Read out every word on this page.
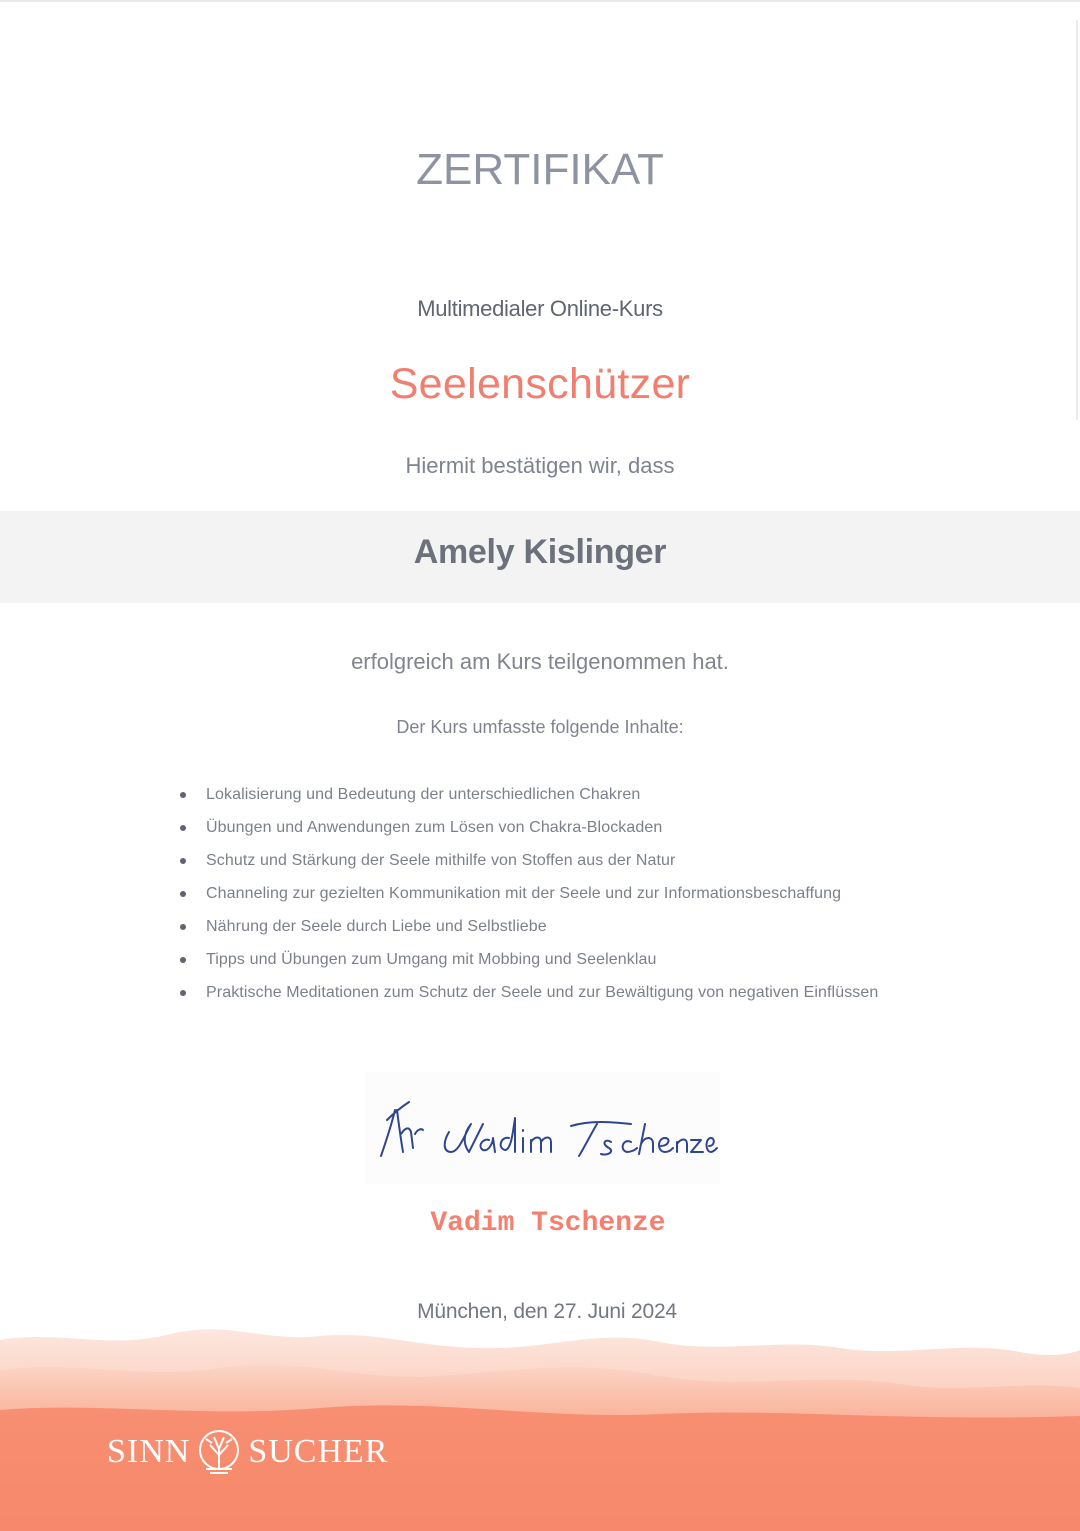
ZERTIFIKAT

Multimedialer Online-Kurs

Seelenschützer

Hiermit bestätigen wir, dass

Amely Kislinger

erfolgreich am Kurs teilgenommen hat.

Der Kurs umfasste folgende Inhalte:

Lokalisierung und Bedeutung der unterschiedlichen Chakren
Übungen und Anwendungen zum Lösen von Chakra-Blockaden
Schutz und Stärkung der Seele mithilfe von Stoffen aus der Natur
Channeling zur gezielten Kommunikation mit der Seele und zur Informationsbeschaffung
Nährung der Seele durch Liebe und Selbstliebe
Tipps und Übungen zum Umgang mit Mobbing und Seelenklau
Praktische Meditationen zum Schutz der Seele und zur Bewältigung von negativen Einflüssen

Vadim Tschenze

München, den 27. Juni 2024

SINN SUCHER
